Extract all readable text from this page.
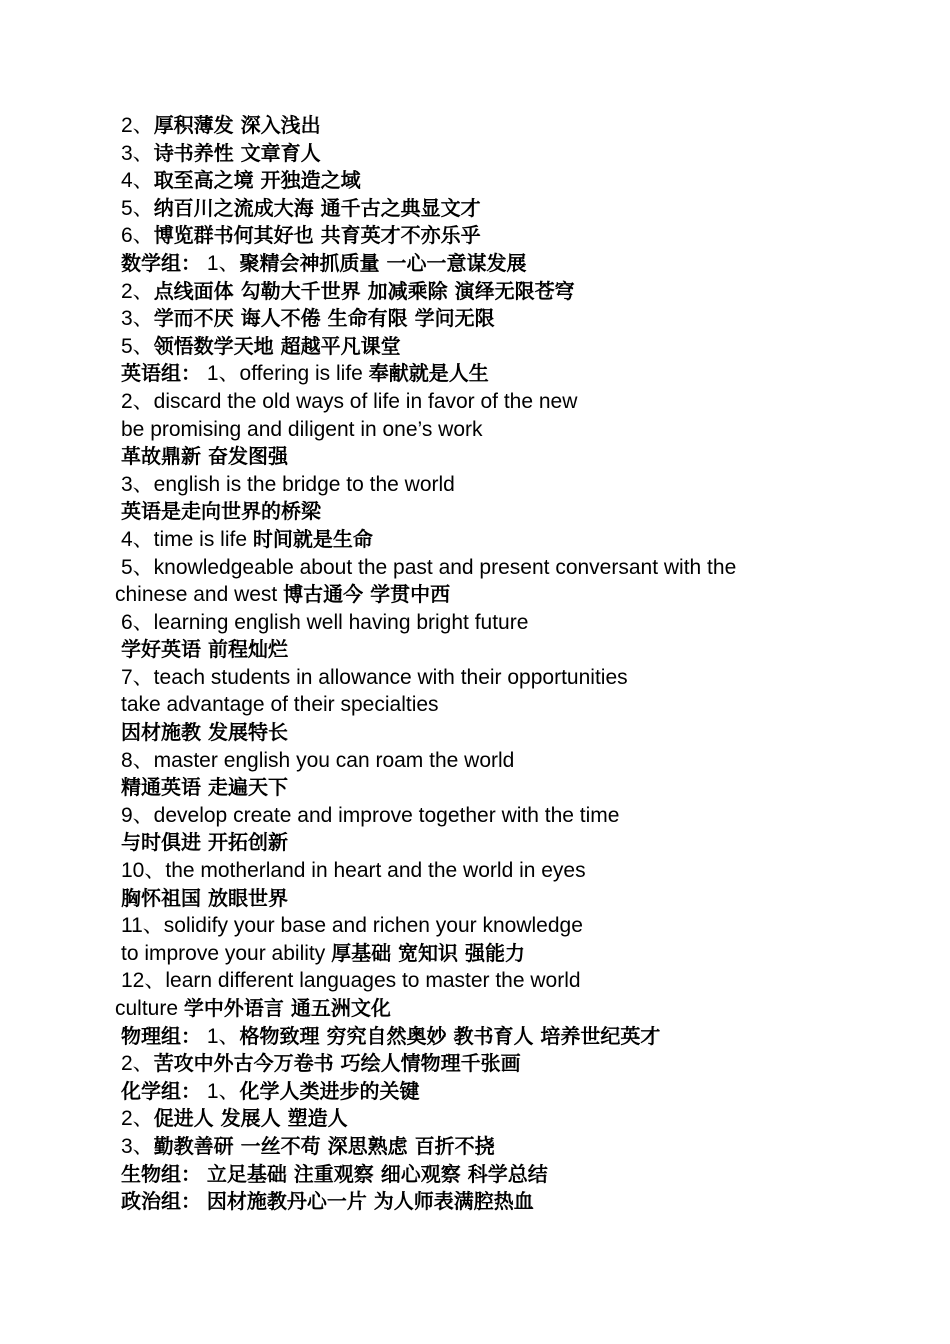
2、厚积薄发 深入浅出
3、诗书养性 文章育人
4、取至高之境 开独造之域
5、纳百川之流成大海 通千古之典显文才
6、博览群书何其好也 共育英才不亦乐乎
数学组： 1、聚精会神抓质量 一心一意谋发展
2、点线面体 勾勒大千世界 加减乘除 演绎无限苍穹
3、学而不厌 诲人不倦 生命有限 学问无限
5、领悟数学天地 超越平凡课堂
英语组： 1、offering is life 奉献就是人生
2、discard the old ways of life in favor of the new
be promising and diligent in one’s work
革故鼎新 奋发图强
3、english is the bridge to the world
英语是走向世界的桥梁
4、time is life 时间就是生命
5、knowledgeable about the past and present conversant with the
chinese and west 博古通今 学贯中西
6、learning english well having bright future
学好英语 前程灿烂
7、teach students in allowance with their opportunities
take advantage of their specialties
因材施教 发展特长
8、master english you can roam the world
精通英语 走遍天下
9、develop create and improve together with the time
与时俱进 开拓创新
10、the motherland in heart and the world in eyes
胸怀祖国 放眼世界
11、solidify your base and richen your knowledge
to improve your ability 厚基础 宽知识 强能力
12、learn different languages to master the world
culture 学中外语言 通五洲文化
物理组： 1、格物致理 穷究自然奥妙 教书育人 培养世纪英才
2、苦攻中外古今万卷书 巧绘人情物理千张画
化学组： 1、化学人类进步的关键
2、促进人 发展人 塑造人
3、勤教善研 一丝不苟 深思熟虑 百折不挠
生物组： 立足基础 注重观察 细心观察 科学总结
政治组： 因材施教丹心一片 为人师表满腔热血
